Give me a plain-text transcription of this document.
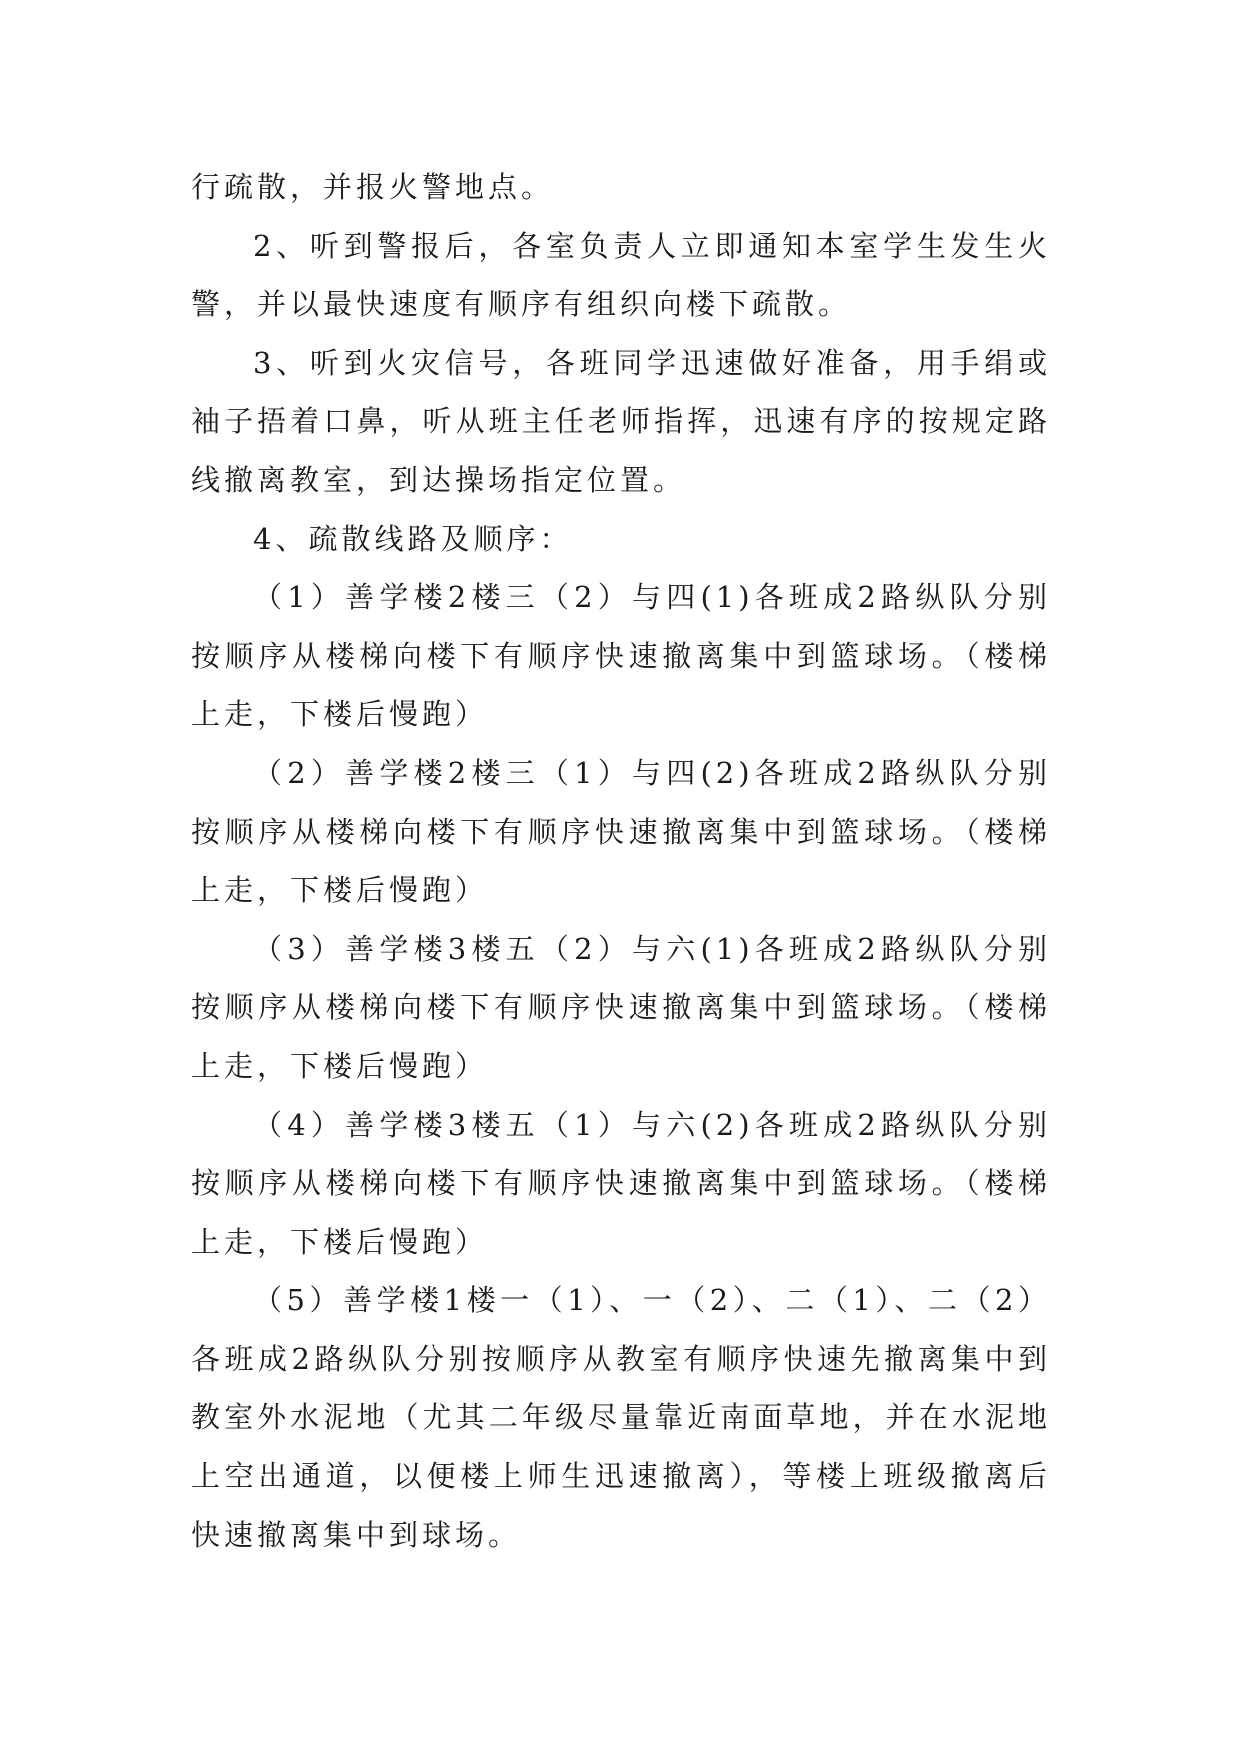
行疏散，并报火警地点。

2、听到警报后，各室负责人立即通知本室学生发生火警，并以最快速度有顺序有组织向楼下疏散。

3、听到火灾信号，各班同学迅速做好准备，用手绢或袖子捂着口鼻，听从班主任老师指挥，迅速有序的按规定路线撤离教室，到达操场指定位置。

4、疏散线路及顺序：

（1）善学楼2楼三（2）与四(1)各班成2路纵队分别按顺序从楼梯向楼下有顺序快速撤离集中到篮球场。（楼梯上走，下楼后慢跑）

（2）善学楼2楼三（1）与四(2)各班成2路纵队分别按顺序从楼梯向楼下有顺序快速撤离集中到篮球场。（楼梯上走，下楼后慢跑）

（3）善学楼3楼五（2）与六(1)各班成2路纵队分别按顺序从楼梯向楼下有顺序快速撤离集中到篮球场。（楼梯上走，下楼后慢跑）

（4）善学楼3楼五（1）与六(2)各班成2路纵队分别按顺序从楼梯向楼下有顺序快速撤离集中到篮球场。（楼梯上走，下楼后慢跑）

（5）善学楼1楼一（1）、一（2）、二（1）、二（2）各班成2路纵队分别按顺序从教室有顺序快速先撤离集中到教室外水泥地（尤其二年级尽量靠近南面草地，并在水泥地上空出通道，以便楼上师生迅速撤离），等楼上班级撤离后快速撤离集中到球场。
